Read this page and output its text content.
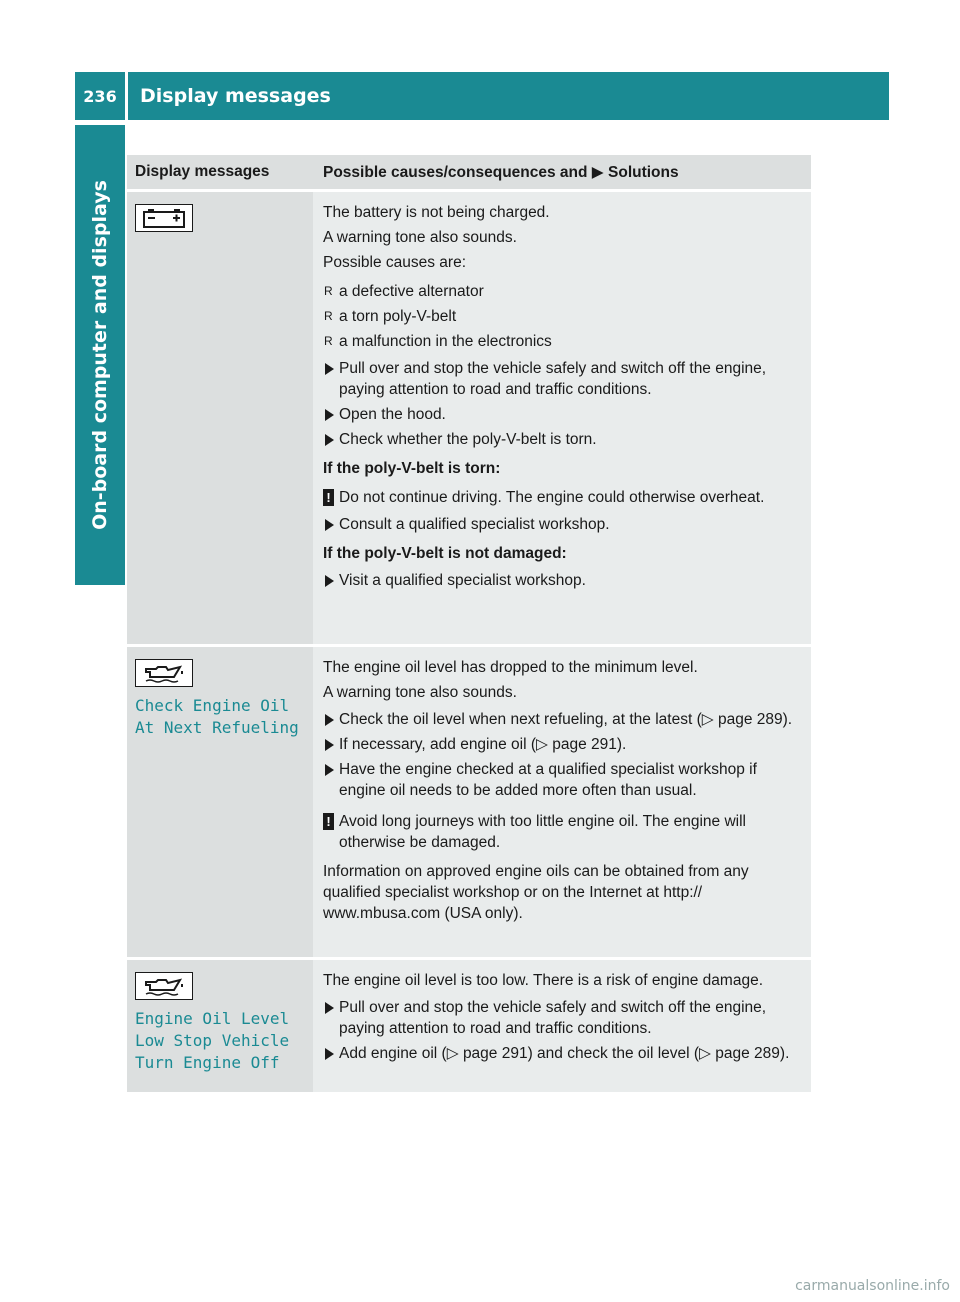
236	Display messages
On-board computer and displays
Display messages	Possible causes/consequences and ▶ Solutions

The battery is not being charged.

A warning tone also sounds.

Possible causes are:

R a defective alternator
R a torn poly-V-belt
R a malfunction in the electronics
Pull over and stop the vehicle safely and switch off the engine, paying attention to road and traffic conditions.
Open the hood.
Check whether the poly-V-belt is torn.

If the poly-V-belt is torn:

! Do not continue driving. The engine could otherwise overheat.
Consult a qualified specialist workshop.

If the poly-V-belt is not damaged:

Visit a qualified specialist workshop.
Check Engine Oil
At Next Refueling

The engine oil level has dropped to the minimum level.

A warning tone also sounds.

Check the oil level when next refueling, at the latest (▷ page 289).
If necessary, add engine oil (▷ page 291).
Have the engine checked at a qualified specialist workshop if engine oil needs to be added more often than usual.
! Avoid long journeys with too little engine oil. The engine will otherwise be damaged.

Information on approved engine oils can be obtained from any qualified specialist workshop or on the Internet at http:// www.mbusa.com (USA only).

Engine Oil Level
Low Stop Vehicle
Turn Engine Off

The engine oil level is too low. There is a risk of engine damage.

Pull over and stop the vehicle safely and switch off the engine, paying attention to road and traffic conditions.
Add engine oil (▷ page 291) and check the oil level (▷ page 289).
carmanualsonline.info
